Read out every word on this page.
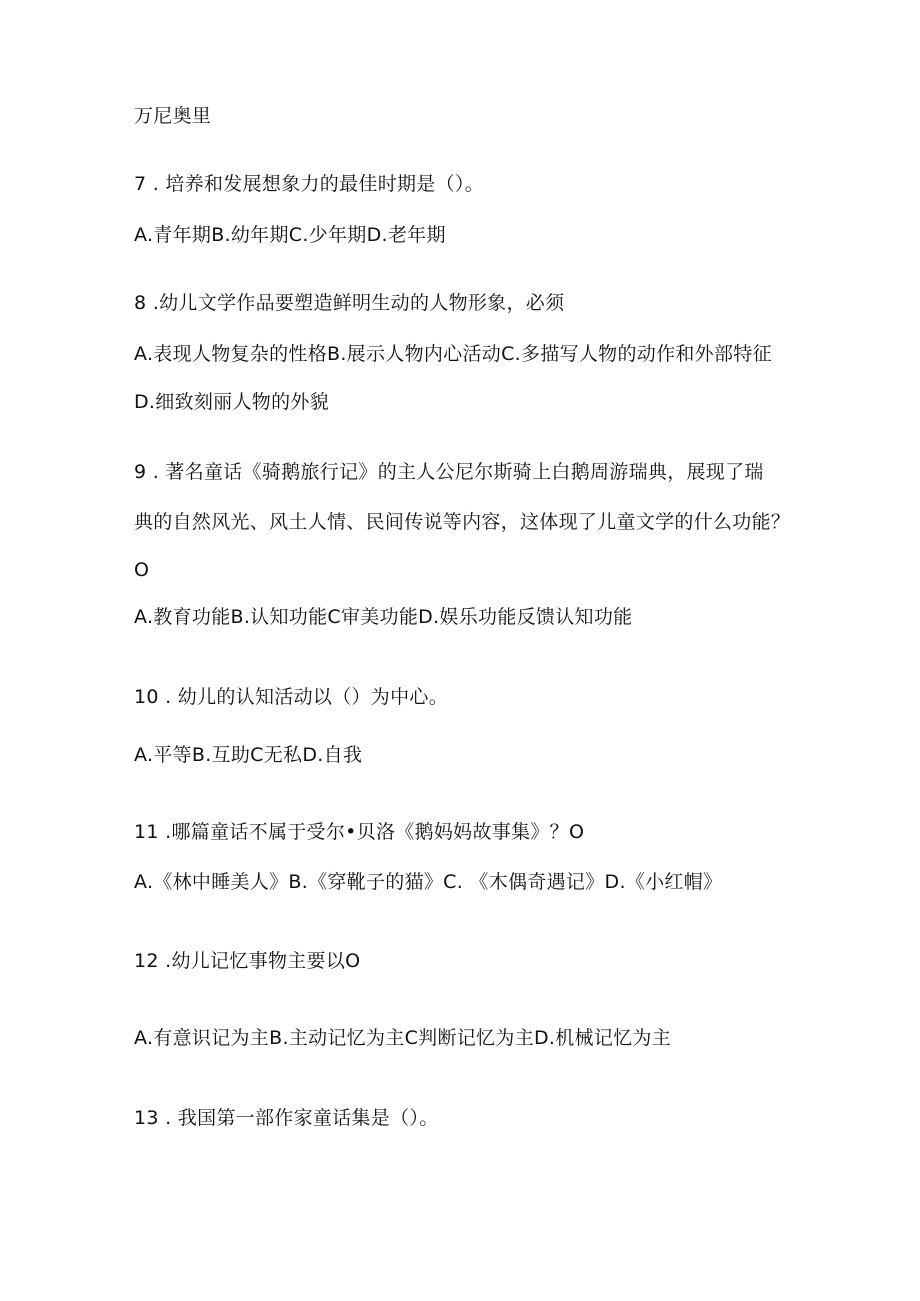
万尼奥里
7 . 培养和发展想象力的最佳时期是（）。
A.青年期B.幼年期C.少年期D.老年期
8 .幼儿文学作品要塑造鲜明生动的人物形象，必须
A.表现人物复杂的性格B.展示人物内心活动C.多描写人物的动作和外部特征
D.细致刻丽人物的外貌
9 . 著名童话《骑鹅旅行记》的主人公尼尔斯骑上白鹅周游瑞典，展现了瑞
典的自然风光、风土人情、民间传说等内容，这体现了儿童文学的什么功能？
O
A.教育功能B.认知功能C审美功能D.娱乐功能反馈认知功能
10 . 幼儿的认知活动以（）为中心。
A.平等B.互助C无私D.自我
11 .哪篇童话不属于受尔•贝洛《鹅妈妈故事集》？O
A.《林中睡美人》B.《穿靴子的猫》C. 《木偶奇遇记》D.《小红帽》
12 .幼儿记忆事物主要以O
A.有意识记为主B.主动记忆为主C判断记忆为主D.机械记忆为主
13 . 我国第一部作家童话集是（）。
